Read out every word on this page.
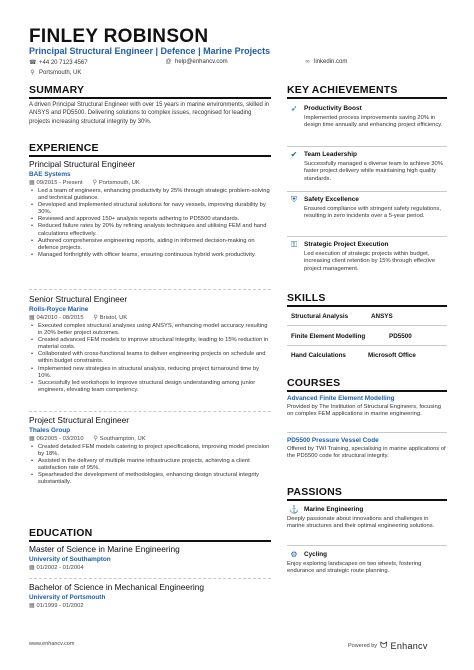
FINLEY ROBINSON
Principal Structural Engineer | Defence | Marine Projects
☎ +44 20 7123 4567	@ help@enhancv.com	∞ linkedin.com
⚲ Portsmouth, UK
SUMMARY
A driven Principal Structural Engineer with over 15 years in marine environments, skilled in ANSYS and PD5500. Delivering solutions to complex issues, recognised for leading projects increasing structural integrity by 30%.
EXPERIENCE
Principal Structural Engineer
BAE Systems
▦ 09/2015 - Present ⚲ Portsmouth, UK
• Led a team of engineers, enhancing productivity by 25% through strategic problem-solving and technical guidance.
• Developed and implemented structural solutions for navy vessels, improving durability by 30%.
• Reviewed and approved 150+ analysis reports adhering to PD5500 standards.
• Reduced failure rates by 20% by refining analysis techniques and utilising FEM and hand calculations effectively.
• Authored comprehensive engineering reports, aiding in informed decision-making on defence projects.
• Managed forthrightly with officer teams, ensuring continuous hybrid work productivity.
Senior Structural Engineer
Rolls-Royce Marine
▦ 04/2010 - 08/2015 ⚲ Bristol, UK
• Executed complex structural analyses using ANSYS, enhancing model accuracy resulting in 20% better project outcomes.
• Created advanced FEM models to improve structural integrity, leading to 15% reduction in material costs.
• Collaborated with cross-functional teams to deliver engineering projects on schedule and within budget constraints.
• Implemented new strategies in structural analysis, reducing project turnaround time by 10%.
• Successfully led workshops to improve structural design understanding among junior engineers, elevating team competency.
Project Structural Engineer
Thales Group
▦ 06/2005 - 03/2010 ⚲ Southampton, UK
• Created detailed FEM models catering to project specifications, improving model precision by 18%.
• Assisted in the delivery of multiple marine infrastructure projects, achieving a client satisfaction rate of 95%.
• Spearheaded the development of methodologies, enhancing design structural integrity substantially.
EDUCATION
Master of Science in Marine Engineering
University of Southampton
▦ 01/2002 - 01/2004
Bachelor of Science in Mechanical Engineering
University of Portsmouth
▦ 01/1999 - 01/2002
KEY ACHIEVEMENTS
➶ Productivity Boost
Implemented process improvements saving 20% in design time annually and enhancing project efficiency.
✔ Team Leadership
Successfully managed a diverse team to achieve 30% faster project delivery while maintaining high quality standards.
⛨	Safety Excellence
Ensured compliance with stringent safety regulations, resulting in zero incidents over a 5-year period.
⚿	Strategic Project Execution
Led execution of strategic projects within budget, increasing client retention by 15% through effective project management.
SKILLS
Structural Analysis	ANSYS
Finite Element Modelling	PD5500
Hand Calculations	Microsoft Office
COURSES
Advanced Finite Element Modelling
Provided by The Institution of Structural Engineers, focusing on complex FEM applications in marine engineering.
PD5500 Pressure Vessel Code
Offered by TWI Training, specialising in marine applications of the PD5500 code for structural integrity.
PASSIONS
⚓ Marine Engineering
Deeply passionate about innovations and challenges in marine structures and their optimal engineering solutions.
⚙ Cycling
Enjoy exploring landscapes on two wheels, fostering endurance and strategic route planning.
www.enhancv.com	Powered by ᗢ Enhancv
